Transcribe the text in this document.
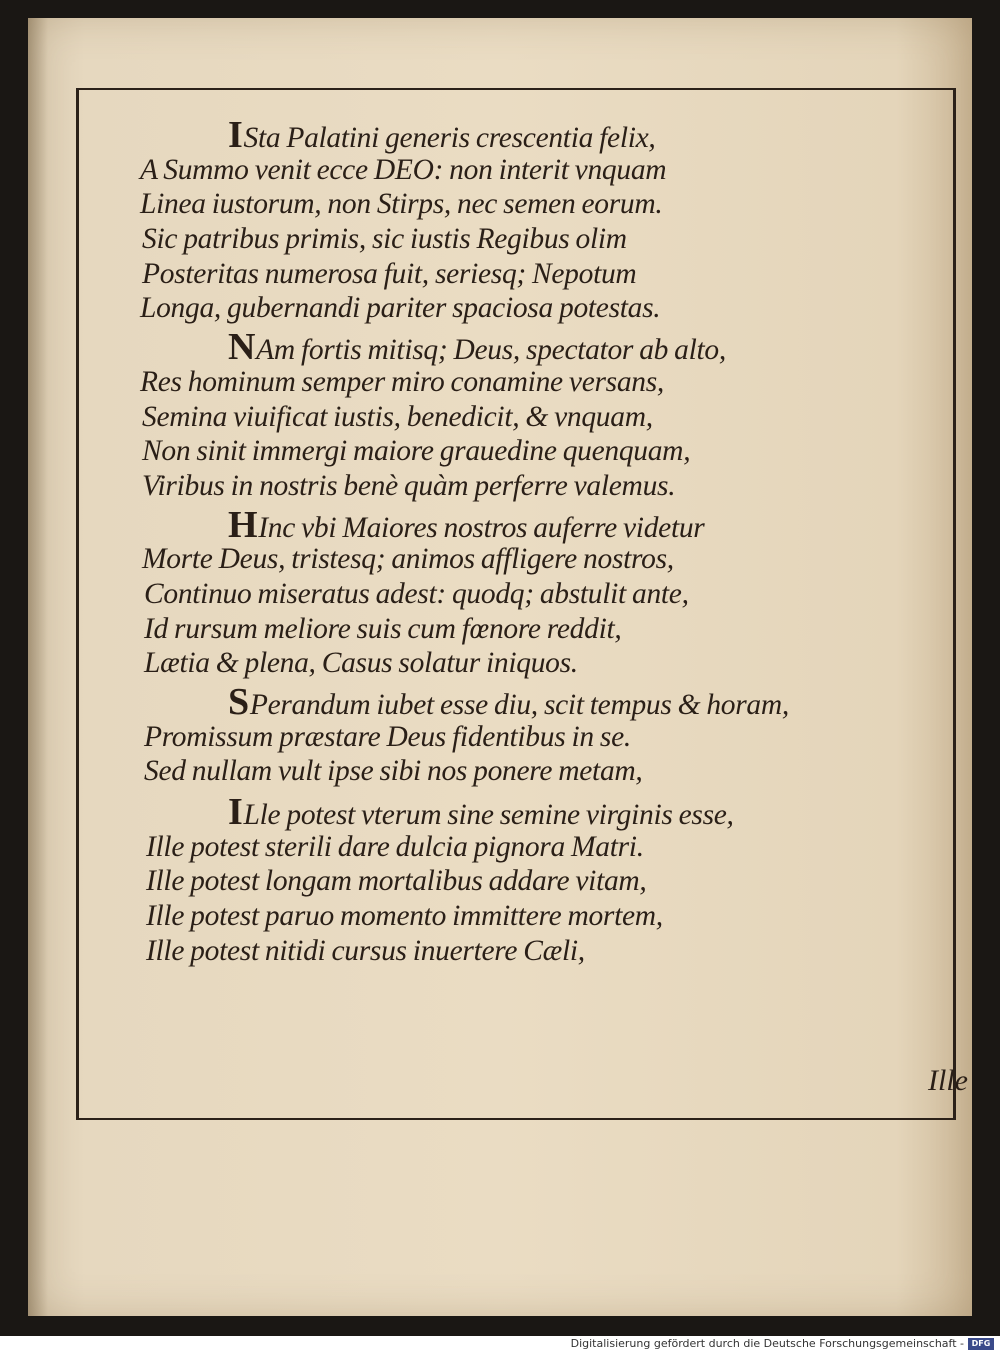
ISta Palatini generis crescentia felix,
A Summo venit ecce DEO: non interit vnquam
Linea iustorum, non Stirps, nec semen eorum.
Sic patribus primis, sic iustis Regibus olim
Posteritas numerosa fuit, seriesq; Nepotum
Longa, gubernandi pariter spaciosa potestas.
NAm fortis mitisq; Deus, spectator ab alto,
Res hominum semper miro conamine versans,
Semina viuificat iustis, benedicit, & vnquam,
Non sinit immergi maiore grauedine quenquam,
Viribus in nostris benè quàm perferre valemus.
HInc vbi Maiores nostros auferre videtur
Morte Deus, tristesq; animos affligere nostros,
Continuo miseratus adest: quodq; abstulit ante,
Id rursum meliore suis cum fœnore reddit,
Lætia & plena, Casus solatur iniquos.
SPerandum iubet esse diu, scit tempus & horam,
Promissum præstare Deus fidentibus in se.
Sed nullam vult ipse sibi nos ponere metam,
ILle potest vterum sine semine virginis esse,
Ille potest sterili dare dulcia pignora Matri.
Ille potest longam mortalibus addare vitam,
Ille potest paruo momento immittere mortem,
Ille potest nitidi cursus inuertere Cæli,
Ille
Digitalisierung gefördert durch die Deutsche Forschungsgemeinschaft - DFG
